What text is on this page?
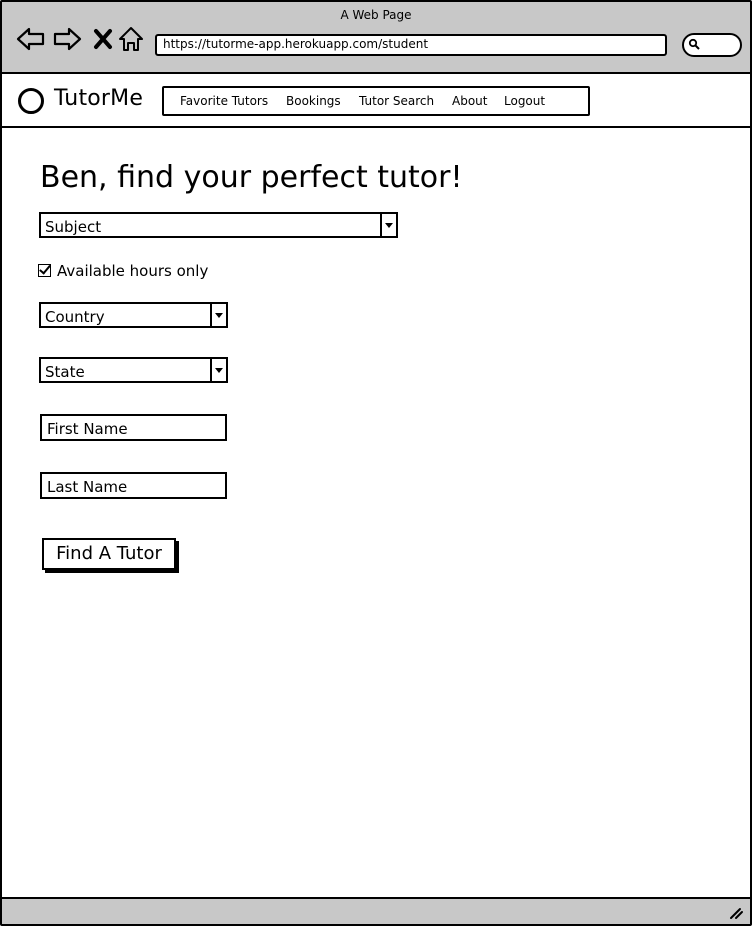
A Web Page
https://tutorme-app.herokuapp.com/student
TutorMe	Favorite Tutors Bookings Tutor Search About Logout
Ben, find your perfect tutor!
Subject
Available hours only
Country
State
First Name
Last Name
Find A Tutor
